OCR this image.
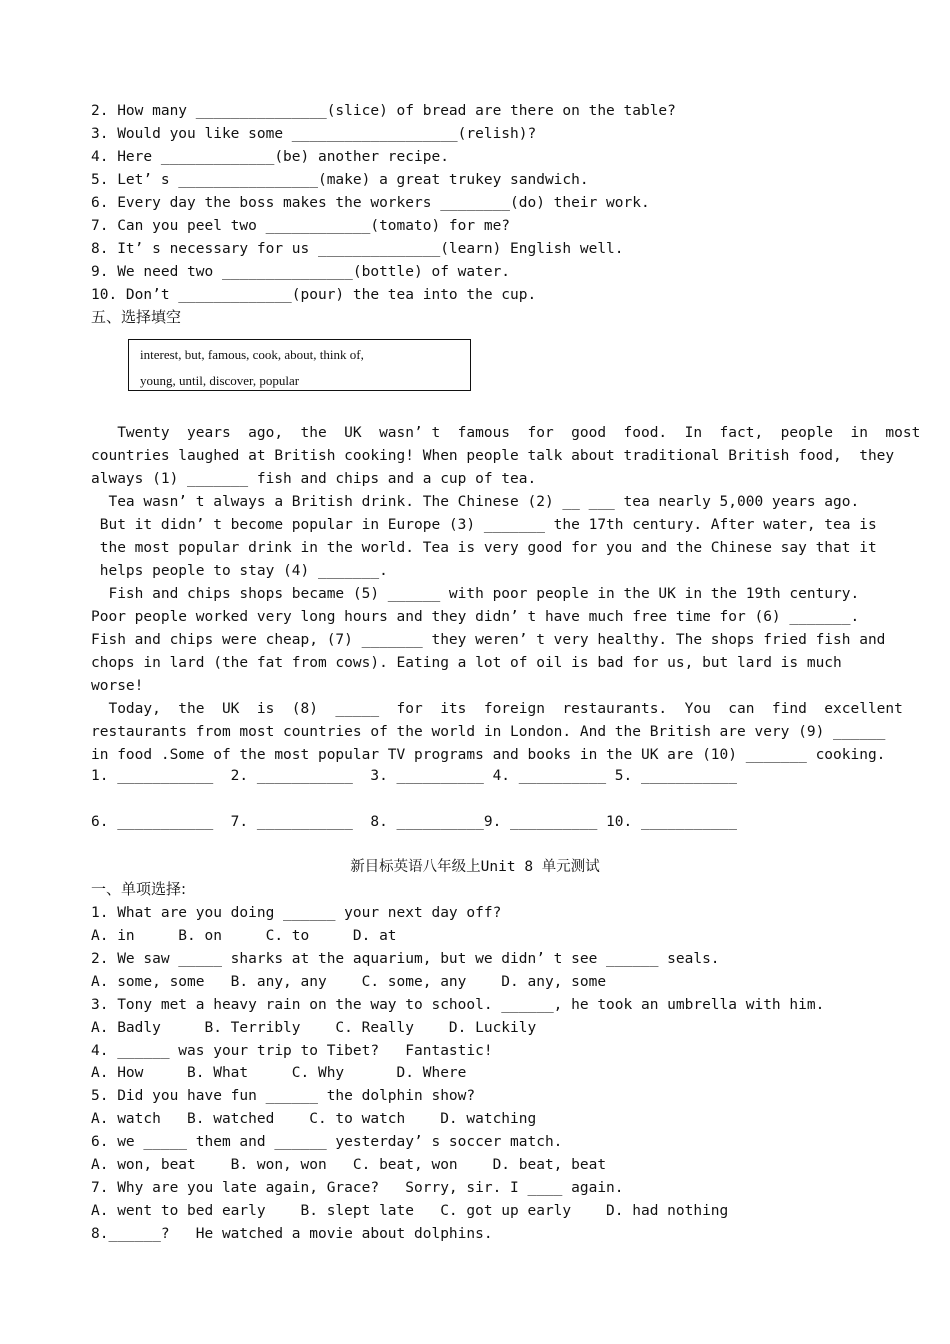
2. How many _______________(slice) of bread are there on the table?
3. Would you like some ___________________(relish)?
4. Here _____________(be) another recipe.
5. Let’ s ________________(make) a great trukey sandwich.
6. Every day the boss makes the workers ________(do) their work.
7. Can you peel two ____________(tomato) for me?
8. It’ s necessary for us ______________(learn) English well.
9. We need two _______________(bottle) of water.
10. Don’t _____________(pour) the tea into the cup.
五、选择填空
interest, but, famous, cook, about, think of,
young, until, discover, popular
Twenty  years  ago,  the  UK  wasn’ t  famous  for  good  food.  In  fact,  people  in  most
countries laughed at British cooking! When people talk about traditional British food,  they
always (1) _______ fish and chips and a cup of tea.
Tea wasn’ t always a British drink. The Chinese (2) __ ___ tea nearly 5,000 years ago.
But it didn’ t become popular in Europe (3) _______ the 17th century. After water, tea is
the most popular drink in the world. Tea is very good for you and the Chinese say that it
helps people to stay (4) _______.
Fish and chips shops became (5) ______ with poor people in the UK in the 19th century.
Poor people worked very long hours and they didn’ t have much free time for (6) _______.
Fish and chips were cheap, (7) _______ they weren’ t very healthy. The shops fried fish and
chops in lard (the fat from cows). Eating a lot of oil is bad for us, but lard is much
worse!
Today,  the  UK  is  (8)  _____  for  its  foreign  restaurants.  You  can  find  excellent
restaurants from most countries of the world in London. And the British are very (9) ______
in food .Some of the most popular TV programs and books in the UK are (10) _______ cooking.
1. ___________  2. ___________  3. __________ 4. __________ 5. ___________
6. ___________  7. ___________  8. __________9. __________ 10. ___________
新目标英语八年级上Unit 8 单元测试
一、单项选择:
1. What are you doing ______ your next day off?
A. in     B. on     C. to     D. at
2. We saw _____ sharks at the aquarium, but we didn’ t see ______ seals.
A. some, some   B. any, any    C. some, any    D. any, some
3. Tony met a heavy rain on the way to school. ______, he took an umbrella with him.
A. Badly     B. Terribly    C. Really    D. Luckily
4. ______ was your trip to Tibet?   Fantastic!
A. How     B. What     C. Why      D. Where
5. Did you have fun ______ the dolphin show?
A. watch   B. watched    C. to watch    D. watching
6. we _____ them and ______ yesterday’ s soccer match.
A. won, beat    B. won, won   C. beat, won    D. beat, beat
7. Why are you late again, Grace?   Sorry, sir. I ____ again.
A. went to bed early    B. slept late   C. got up early    D. had nothing
8.______?   He watched a movie about dolphins.
